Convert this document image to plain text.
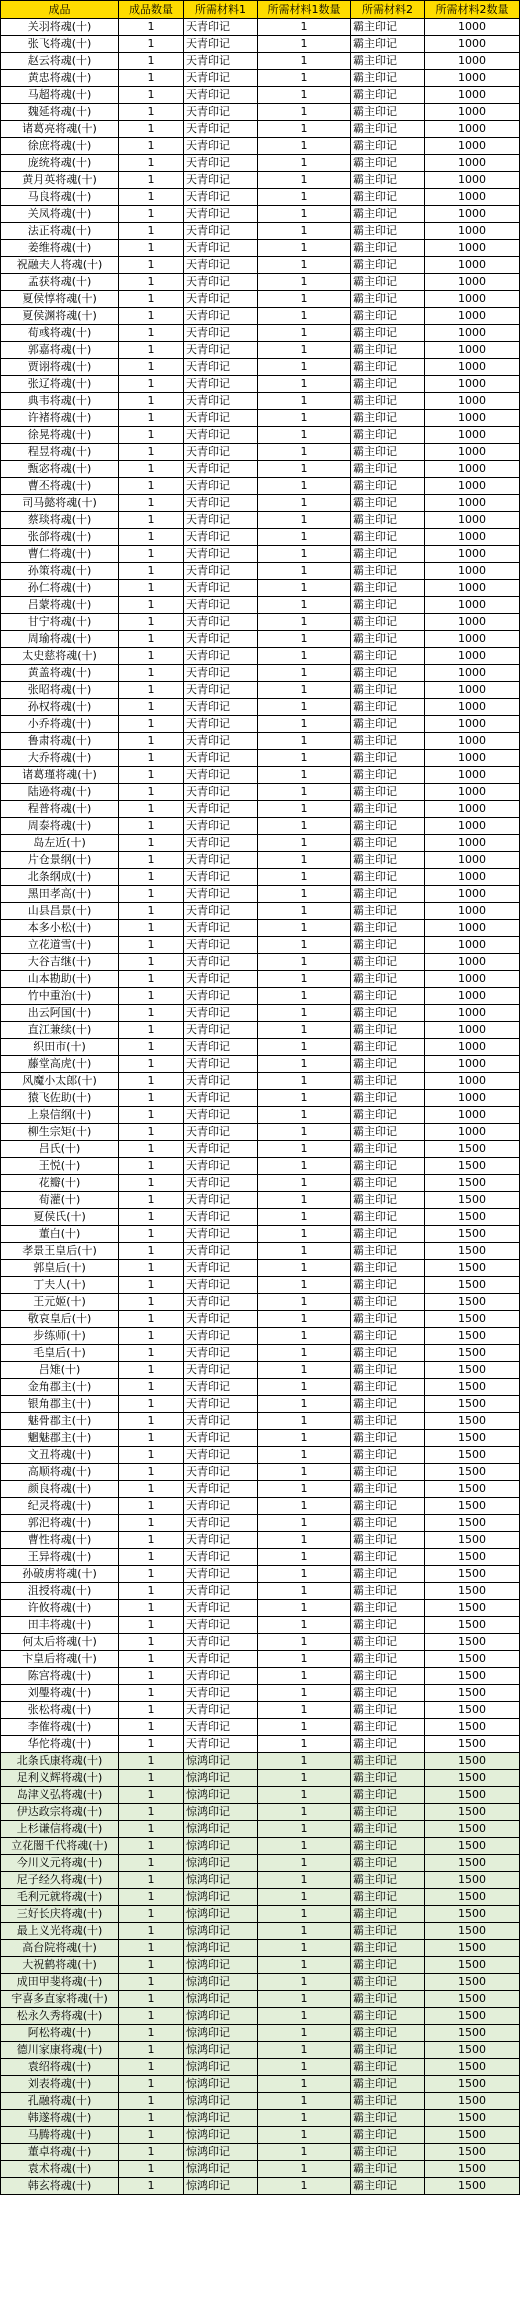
成品	成品数量	所需材料1	所需材料1数量	所需材料2	所需材料2数量
关羽将魂(十)	1	天青印记	1	霸主印记	1000
张飞将魂(十)	1	天青印记	1	霸主印记	1000
赵云将魂(十)	1	天青印记	1	霸主印记	1000
黄忠将魂(十)	1	天青印记	1	霸主印记	1000
马超将魂(十)	1	天青印记	1	霸主印记	1000
魏延将魂(十)	1	天青印记	1	霸主印记	1000
诸葛亮将魂(十)	1	天青印记	1	霸主印记	1000
徐庶将魂(十)	1	天青印记	1	霸主印记	1000
庞统将魂(十)	1	天青印记	1	霸主印记	1000
黄月英将魂(十)	1	天青印记	1	霸主印记	1000
马良将魂(十)	1	天青印记	1	霸主印记	1000
关凤将魂(十)	1	天青印记	1	霸主印记	1000
法正将魂(十)	1	天青印记	1	霸主印记	1000
姜维将魂(十)	1	天青印记	1	霸主印记	1000
祝融夫人将魂(十)	1	天青印记	1	霸主印记	1000
孟获将魂(十)	1	天青印记	1	霸主印记	1000
夏侯惇将魂(十)	1	天青印记	1	霸主印记	1000
夏侯渊将魂(十)	1	天青印记	1	霸主印记	1000
荀彧将魂(十)	1	天青印记	1	霸主印记	1000
郭嘉将魂(十)	1	天青印记	1	霸主印记	1000
贾诩将魂(十)	1	天青印记	1	霸主印记	1000
张辽将魂(十)	1	天青印记	1	霸主印记	1000
典韦将魂(十)	1	天青印记	1	霸主印记	1000
许褚将魂(十)	1	天青印记	1	霸主印记	1000
徐晃将魂(十)	1	天青印记	1	霸主印记	1000
程昱将魂(十)	1	天青印记	1	霸主印记	1000
甄宓将魂(十)	1	天青印记	1	霸主印记	1000
曹丕将魂(十)	1	天青印记	1	霸主印记	1000
司马懿将魂(十)	1	天青印记	1	霸主印记	1000
蔡琰将魂(十)	1	天青印记	1	霸主印记	1000
张郃将魂(十)	1	天青印记	1	霸主印记	1000
曹仁将魂(十)	1	天青印记	1	霸主印记	1000
孙策将魂(十)	1	天青印记	1	霸主印记	1000
孙仁将魂(十)	1	天青印记	1	霸主印记	1000
吕蒙将魂(十)	1	天青印记	1	霸主印记	1000
甘宁将魂(十)	1	天青印记	1	霸主印记	1000
周瑜将魂(十)	1	天青印记	1	霸主印记	1000
太史慈将魂(十)	1	天青印记	1	霸主印记	1000
黄盖将魂(十)	1	天青印记	1	霸主印记	1000
张昭将魂(十)	1	天青印记	1	霸主印记	1000
孙权将魂(十)	1	天青印记	1	霸主印记	1000
小乔将魂(十)	1	天青印记	1	霸主印记	1000
鲁肃将魂(十)	1	天青印记	1	霸主印记	1000
大乔将魂(十)	1	天青印记	1	霸主印记	1000
诸葛瑾将魂(十)	1	天青印记	1	霸主印记	1000
陆逊将魂(十)	1	天青印记	1	霸主印记	1000
程普将魂(十)	1	天青印记	1	霸主印记	1000
周泰将魂(十)	1	天青印记	1	霸主印记	1000
岛左近(十)	1	天青印记	1	霸主印记	1000
片仓景纲(十)	1	天青印记	1	霸主印记	1000
北条纲成(十)	1	天青印记	1	霸主印记	1000
黑田孝高(十)	1	天青印记	1	霸主印记	1000
山县昌景(十)	1	天青印记	1	霸主印记	1000
本多小松(十)	1	天青印记	1	霸主印记	1000
立花道雪(十)	1	天青印记	1	霸主印记	1000
大谷吉继(十)	1	天青印记	1	霸主印记	1000
山本勘助(十)	1	天青印记	1	霸主印记	1000
竹中重治(十)	1	天青印记	1	霸主印记	1000
出云阿国(十)	1	天青印记	1	霸主印记	1000
直江兼续(十)	1	天青印记	1	霸主印记	1000
织田市(十)	1	天青印记	1	霸主印记	1000
藤堂高虎(十)	1	天青印记	1	霸主印记	1000
风魔小太郎(十)	1	天青印记	1	霸主印记	1000
猿飞佐助(十)	1	天青印记	1	霸主印记	1000
上泉信纲(十)	1	天青印记	1	霸主印记	1000
柳生宗矩(十)	1	天青印记	1	霸主印记	1000
吕氏(十)	1	天青印记	1	霸主印记	1500
王悦(十)	1	天青印记	1	霸主印记	1500
花瓣(十)	1	天青印记	1	霸主印记	1500
荀灌(十)	1	天青印记	1	霸主印记	1500
夏侯氏(十)	1	天青印记	1	霸主印记	1500
董白(十)	1	天青印记	1	霸主印记	1500
孝景王皇后(十)	1	天青印记	1	霸主印记	1500
郭皇后(十)	1	天青印记	1	霸主印记	1500
丁夫人(十)	1	天青印记	1	霸主印记	1500
王元姬(十)	1	天青印记	1	霸主印记	1500
敬哀皇后(十)	1	天青印记	1	霸主印记	1500
步练师(十)	1	天青印记	1	霸主印记	1500
毛皇后(十)	1	天青印记	1	霸主印记	1500
吕雉(十)	1	天青印记	1	霸主印记	1500
金角郡主(十)	1	天青印记	1	霸主印记	1500
银角郡主(十)	1	天青印记	1	霸主印记	1500
魅骨郡主(十)	1	天青印记	1	霸主印记	1500
魍魅郡主(十)	1	天青印记	1	霸主印记	1500
文丑将魂(十)	1	天青印记	1	霸主印记	1500
高顺将魂(十)	1	天青印记	1	霸主印记	1500
颜良将魂(十)	1	天青印记	1	霸主印记	1500
纪灵将魂(十)	1	天青印记	1	霸主印记	1500
郭汜将魂(十)	1	天青印记	1	霸主印记	1500
曹性将魂(十)	1	天青印记	1	霸主印记	1500
王异将魂(十)	1	天青印记	1	霸主印记	1500
孙破虏将魂(十)	1	天青印记	1	霸主印记	1500
沮授将魂(十)	1	天青印记	1	霸主印记	1500
许攸将魂(十)	1	天青印记	1	霸主印记	1500
田丰将魂(十)	1	天青印记	1	霸主印记	1500
何太后将魂(十)	1	天青印记	1	霸主印记	1500
卞皇后将魂(十)	1	天青印记	1	霸主印记	1500
陈宫将魂(十)	1	天青印记	1	霸主印记	1500
刘璺将魂(十)	1	天青印记	1	霸主印记	1500
张松将魂(十)	1	天青印记	1	霸主印记	1500
李傕将魂(十)	1	天青印记	1	霸主印记	1500
华佗将魂(十)	1	天青印记	1	霸主印记	1500
北条氏康将魂(十)	1	惊鸿印记	1	霸主印记	1500
足利义辉将魂(十)	1	惊鸿印记	1	霸主印记	1500
岛津义弘将魂(十)	1	惊鸿印记	1	霸主印记	1500
伊达政宗将魂(十)	1	惊鸿印记	1	霸主印记	1500
上杉谦信将魂(十)	1	惊鸿印记	1	霸主印记	1500
立花闇千代将魂(十)	1	惊鸿印记	1	霸主印记	1500
今川义元将魂(十)	1	惊鸿印记	1	霸主印记	1500
尼子经久将魂(十)	1	惊鸿印记	1	霸主印记	1500
毛利元就将魂(十)	1	惊鸿印记	1	霸主印记	1500
三好长庆将魂(十)	1	惊鸿印记	1	霸主印记	1500
最上义光将魂(十)	1	惊鸿印记	1	霸主印记	1500
高台院将魂(十)	1	惊鸿印记	1	霸主印记	1500
大祝鹤将魂(十)	1	惊鸿印记	1	霸主印记	1500
成田甲斐将魂(十)	1	惊鸿印记	1	霸主印记	1500
宇喜多直家将魂(十)	1	惊鸿印记	1	霸主印记	1500
松永久秀将魂(十)	1	惊鸿印记	1	霸主印记	1500
阿松将魂(十)	1	惊鸿印记	1	霸主印记	1500
德川家康将魂(十)	1	惊鸿印记	1	霸主印记	1500
袁绍将魂(十)	1	惊鸿印记	1	霸主印记	1500
刘表将魂(十)	1	惊鸿印记	1	霸主印记	1500
孔融将魂(十)	1	惊鸿印记	1	霸主印记	1500
韩遂将魂(十)	1	惊鸿印记	1	霸主印记	1500
马腾将魂(十)	1	惊鸿印记	1	霸主印记	1500
董卓将魂(十)	1	惊鸿印记	1	霸主印记	1500
袁术将魂(十)	1	惊鸿印记	1	霸主印记	1500
韩玄将魂(十)	1	惊鸿印记	1	霸主印记	1500
